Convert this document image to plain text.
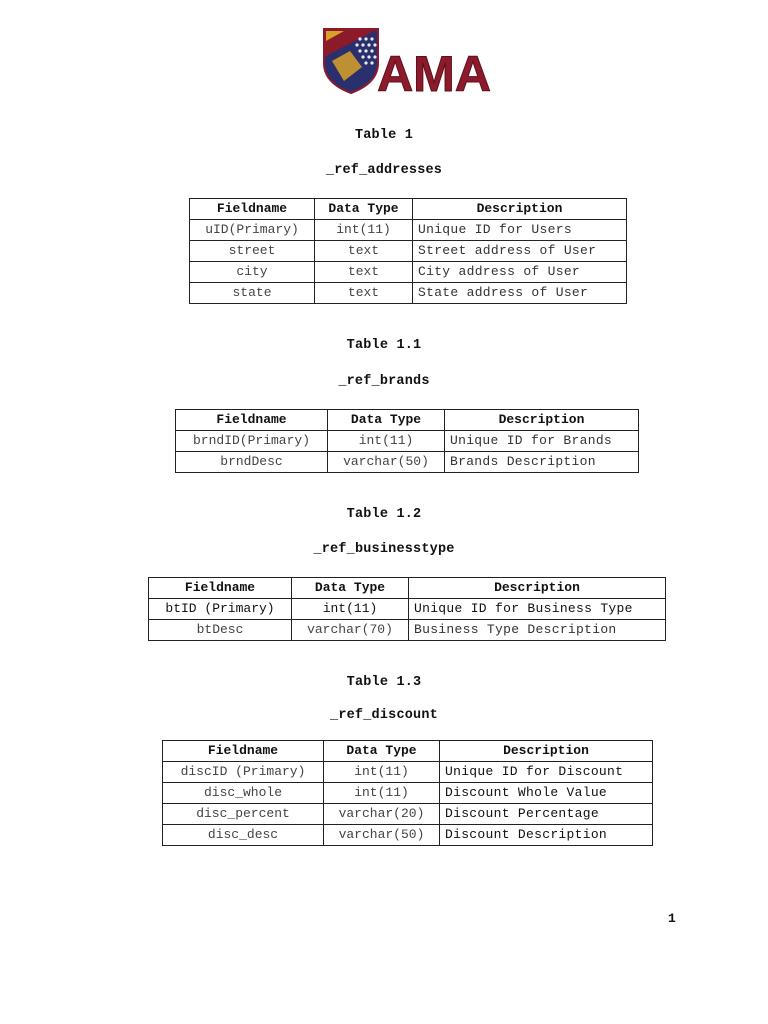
AMA
Table 1
_ref_addresses
Fieldname	Data Type	Description
uID(Primary)	int(11)	Unique ID for Users
street	text	Street address of User
city	text	City address of User
state	text	State address of User
Table 1.1
_ref_brands
Fieldname	Data Type	Description
brndID(Primary)	int(11)	Unique ID for Brands
brndDesc	varchar(50)	Brands Description
Table 1.2
_ref_businesstype
Fieldname	Data Type	Description
btID (Primary)	int(11)	Unique ID for Business Type
btDesc	varchar(70)	Business Type Description
Table 1.3
_ref_discount
Fieldname	Data Type	Description
discID (Primary)	int(11)	Unique ID for Discount
disc_whole	int(11)	Discount Whole Value
disc_percent	varchar(20)	Discount Percentage
disc_desc	varchar(50)	Discount Description
1
